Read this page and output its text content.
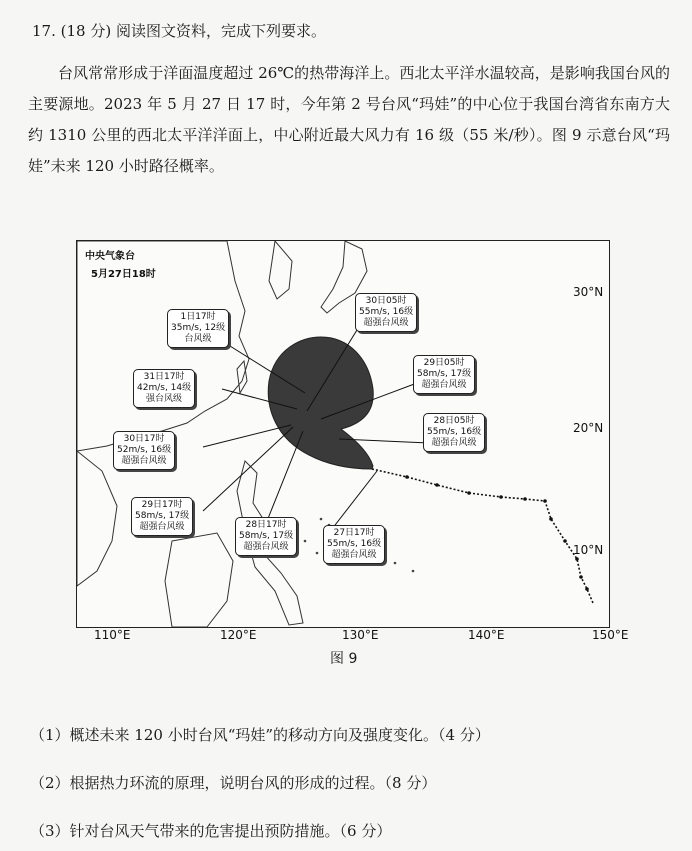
17. (18 分) 阅读图文资料，完成下列要求。
台风常常形成于洋面温度超过 26℃的热带海洋上。西北太平洋水温较高，是影响我国台风的主要源地。2023 年 5 月 27 日 17 时，今年第 2 号台风“玛娃”的中心位于我国台湾省东南方大约 1310 公里的西北太平洋洋面上，中心附近最大风力有 16 级（55 米/秒）。图 9 示意台风“玛娃”未来 120 小时路径概率。
中央气象台
5月27日18时
30°N
20°N
10°N
1日17时
35m/s, 12级
台风级
31日17时
42m/s, 14级
强台风级
30日17时
52m/s, 16级
超强台风级
29日17时
58m/s, 17级
超强台风级	28日17时
58m/s, 17级
超强台风级
27日17时
55m/s, 16级
超强台风级
28日05时
55m/s, 16级
超强台风级
29日05时
58m/s, 17级
超强台风级
30日05时
55m/s, 16级
超强台风级
110°E	120°E	130°E	140°E	150°E
图 9
（1）概述未来 120 小时台风“玛娃”的移动方向及强度变化。（4 分）
（2）根据热力环流的原理，说明台风的形成的过程。（8 分）
（3）针对台风天气带来的危害提出预防措施。（6 分）
